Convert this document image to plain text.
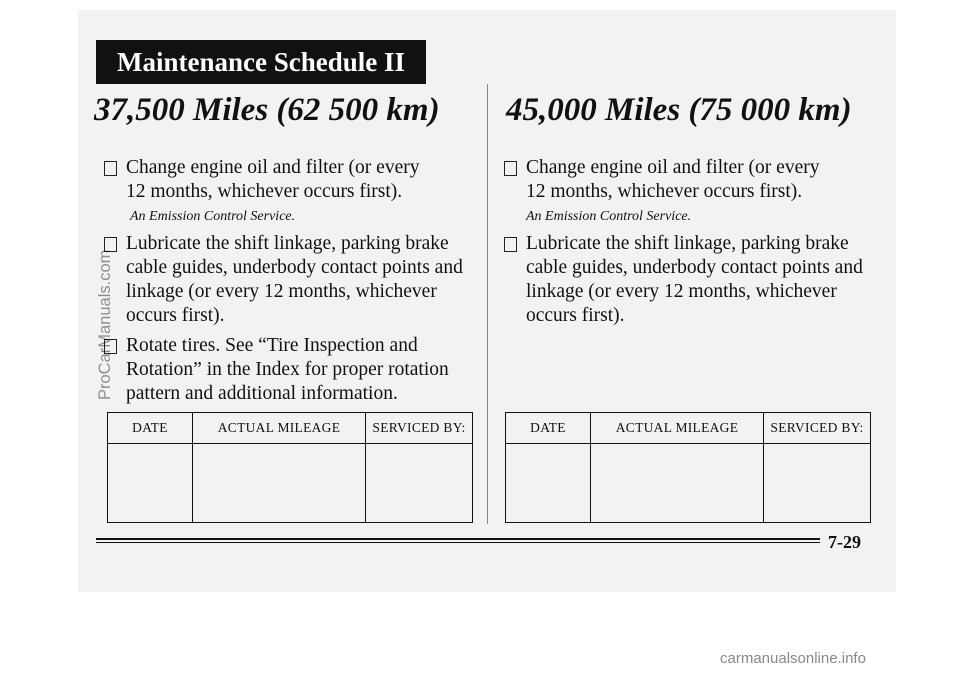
Maintenance Schedule II
37,500 Miles (62 500 km) 45,000 Miles (75 000 km)
Change engine oil and filter (or every
12 months, whichever occurs first).
An Emission Control Service.
Lubricate the shift linkage, parking brake
cable guides, underbody contact points and
linkage (or every 12 months, whichever
occurs first).
Rotate tires. See “Tire Inspection and
Rotation” in the Index for proper rotation
pattern and additional information.
Change engine oil and filter (or every
12 months, whichever occurs first).
An Emission Control Service.
Lubricate the shift linkage, parking brake
cable guides, underbody contact points and
linkage (or every 12 months, whichever
occurs first).
DATE	ACTUAL MILEAGE	SERVICED BY:
			DATE	ACTUAL MILEAGE	SERVICED BY:

7-29
ProCarManuals.com
carmanualsonline.info
